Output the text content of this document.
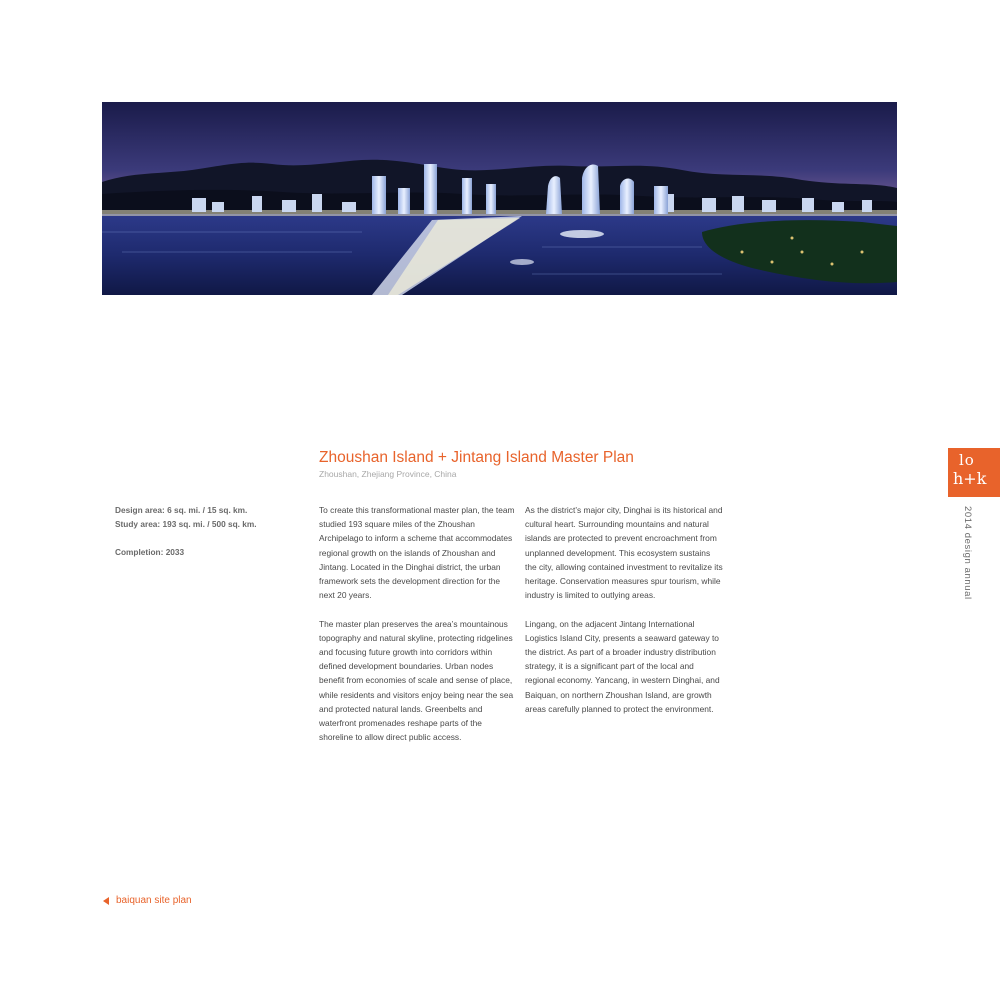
Zhoushan Island + Jintang Island Master Plan
Zhoushan, Zhejiang Province, China
Design area: 6 sq. mi. / 15 sq. km.
Study area: 193 sq. mi. / 500 sq. km.
Completion: 2033

To create this transformational master plan, the team studied 193 square miles of the Zhoushan Archipelago to inform a scheme that accommodates regional growth on the islands of Zhoushan and Jintang. Located in the Dinghai district, the urban framework sets the development direction for the next 20 years.

The master plan preserves the area’s mountainous topography and natural skyline, protecting ridgelines and focusing future growth into corridors within defined development boundaries. Urban nodes benefit from economies of scale and sense of place, while residents and visitors enjoy being near the sea and protected natural lands. Greenbelts and waterfront promenades reshape parts of the shoreline to allow direct public access.

As the district’s major city, Dinghai is its historical and cultural heart. Surrounding mountains and natural islands are protected to prevent encroachment from unplanned development. This ecosystem sustains the city, allowing contained investment to revitalize its heritage. Conservation measures spur tourism, while industry is limited to outlying areas.

Lingang, on the adjacent Jintang International Logistics Island City, presents a seaward gateway to the district. As part of a broader industry distribution strategy, it is a significant part of the local and regional economy. Yancang, in western Dinghai, and Baiquan, on northern Zhoushan Island, are growth areas carefully planned to protect the environment.

lo
h+k
2014 design annual
baiquan site plan
